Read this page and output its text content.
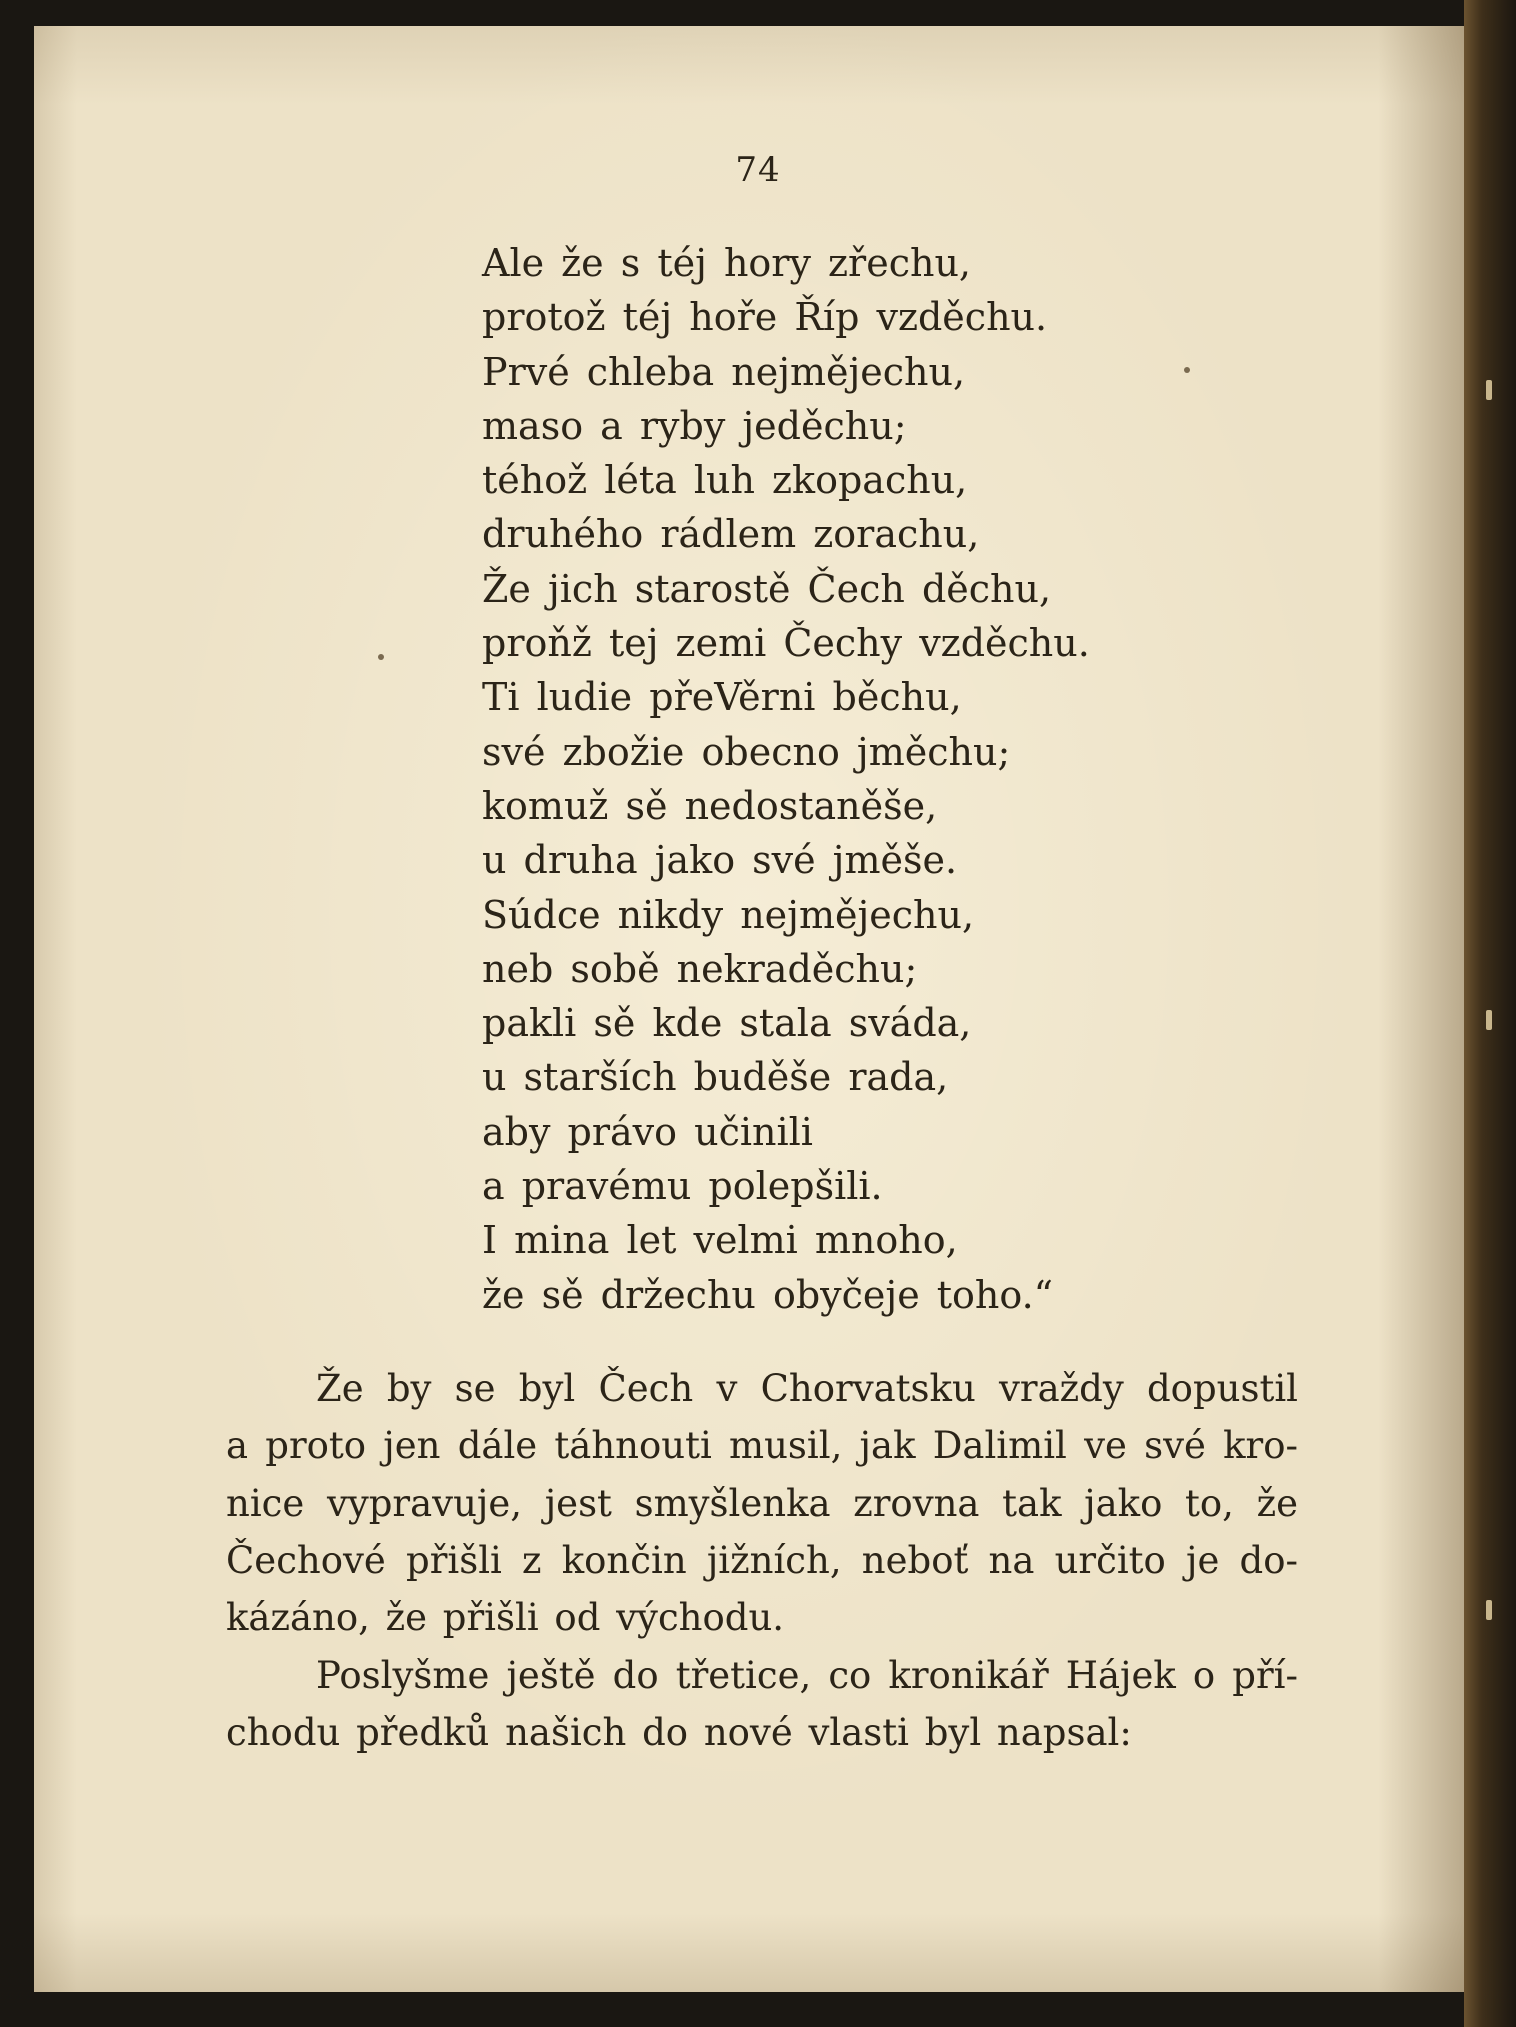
74
Ale že s téj hory zřechu,
protož téj hoře Říp vzděchu.
Prvé chleba nejmějechu,
maso a ryby jeděchu;
téhož léta luh zkopachu,
druhého rádlem zorachu,
Že jich starostě Čech děchu,
proňž tej zemi Čechy vzděchu.
Ti ludie přeVěrni běchu,
své zbožie obecno jměchu;
komuž sě nedostaněše,
u druha jako své jměše.
Súdce nikdy nejmějechu,
neb sobě nekraděchu;
pakli sě kde stala sváda,
u starších buděše rada,
aby právo učinili
a pravému polepšili.
I mina let velmi mnoho,
že sě držechu obyčeje toho.“
Že by se byl Čech v Chorvatsku vraždy dopustil
a proto jen dále táhnouti musil, jak Dalimil ve své kro-
nice vypravuje, jest smyšlenka zrovna tak jako to, že
Čechové přišli z končin jižních, neboť na určito je do-
kázáno, že přišli od východu.
Poslyšme ještě do třetice, co kronikář Hájek o pří-
chodu předků našich do nové vlasti byl napsal:
